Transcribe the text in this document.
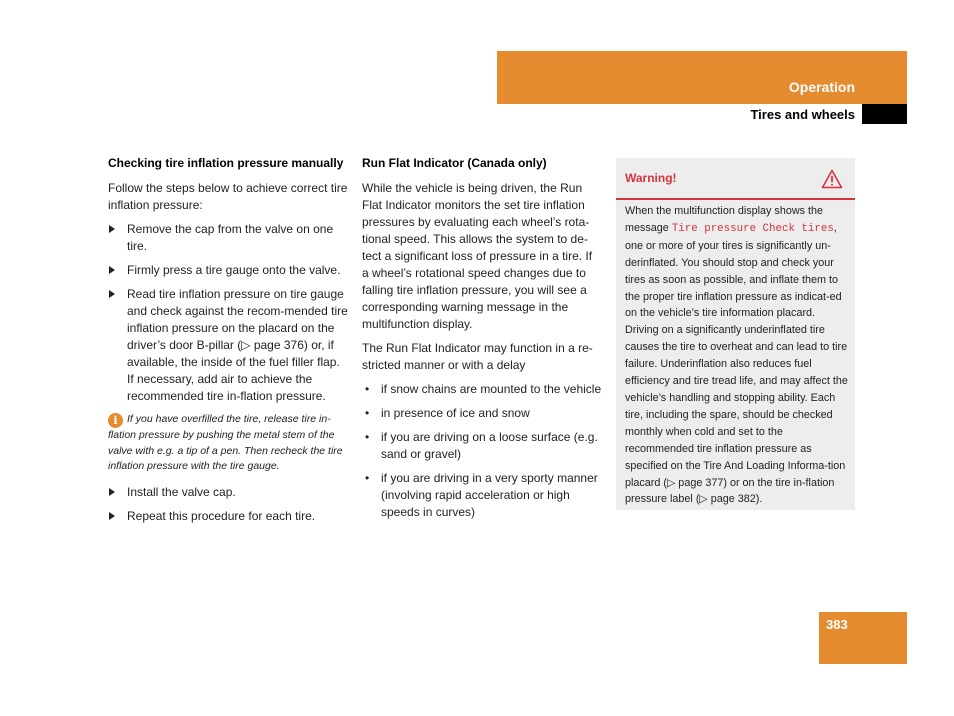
Operation
Tires and wheels
Checking tire inflation pressure manually

Follow the steps below to achieve correct tire inflation pressure:

Remove the cap from the valve on one tire.
Firmly press a tire gauge onto the valve.
Read tire inflation pressure on tire gauge and check against the recom-mended tire inflation pressure on the placard on the driver’s door B-pillar (▷ page 376) or, if available, the inside of the fuel filler flap. If necessary, add air to achieve the recommended tire in-flation pressure.
i If you have overfilled the tire, release tire in-flation pressure by pushing the metal stem of the valve with e.g. a tip of a pen. Then recheck the tire inflation pressure with the tire gauge.
Install the valve cap.
Repeat this procedure for each tire.
Run Flat Indicator (Canada only)

While the vehicle is being driven, the Run Flat Indicator monitors the set tire inflation pressures by evaluating each wheel’s rota-tional speed. This allows the system to de-tect a significant loss of pressure in a tire. If a wheel’s rotational speed changes due to falling tire inflation pressure, you will see a corresponding warning message in the multifunction display.

The Run Flat Indicator may function in a re-stricted manner or with a delay

• if snow chains are mounted to the vehicle
• in presence of ice and snow
• if you are driving on a loose surface (e.g. sand or gravel)
• if you are driving in a very sporty manner (involving rapid acceleration or high speeds in curves)
Warning!
When the multifunction display shows the message Tire pressure Check tires, one or more of your tires is significantly un-derinflated. You should stop and check your tires as soon as possible, and inflate them to the proper tire inflation pressure as indicat-ed on the vehicle’s tire information placard. Driving on a significantly underinflated tire causes the tire to overheat and can lead to tire failure. Underinflation also reduces fuel efficiency and tire tread life, and may affect the vehicle’s handling and stopping ability. Each tire, including the spare, should be checked monthly when cold and set to the recommended tire inflation pressure as specified on the Tire And Loading Informa-tion placard (▷ page 377) or on the tire in-flation pressure label (▷ page 382).
383
